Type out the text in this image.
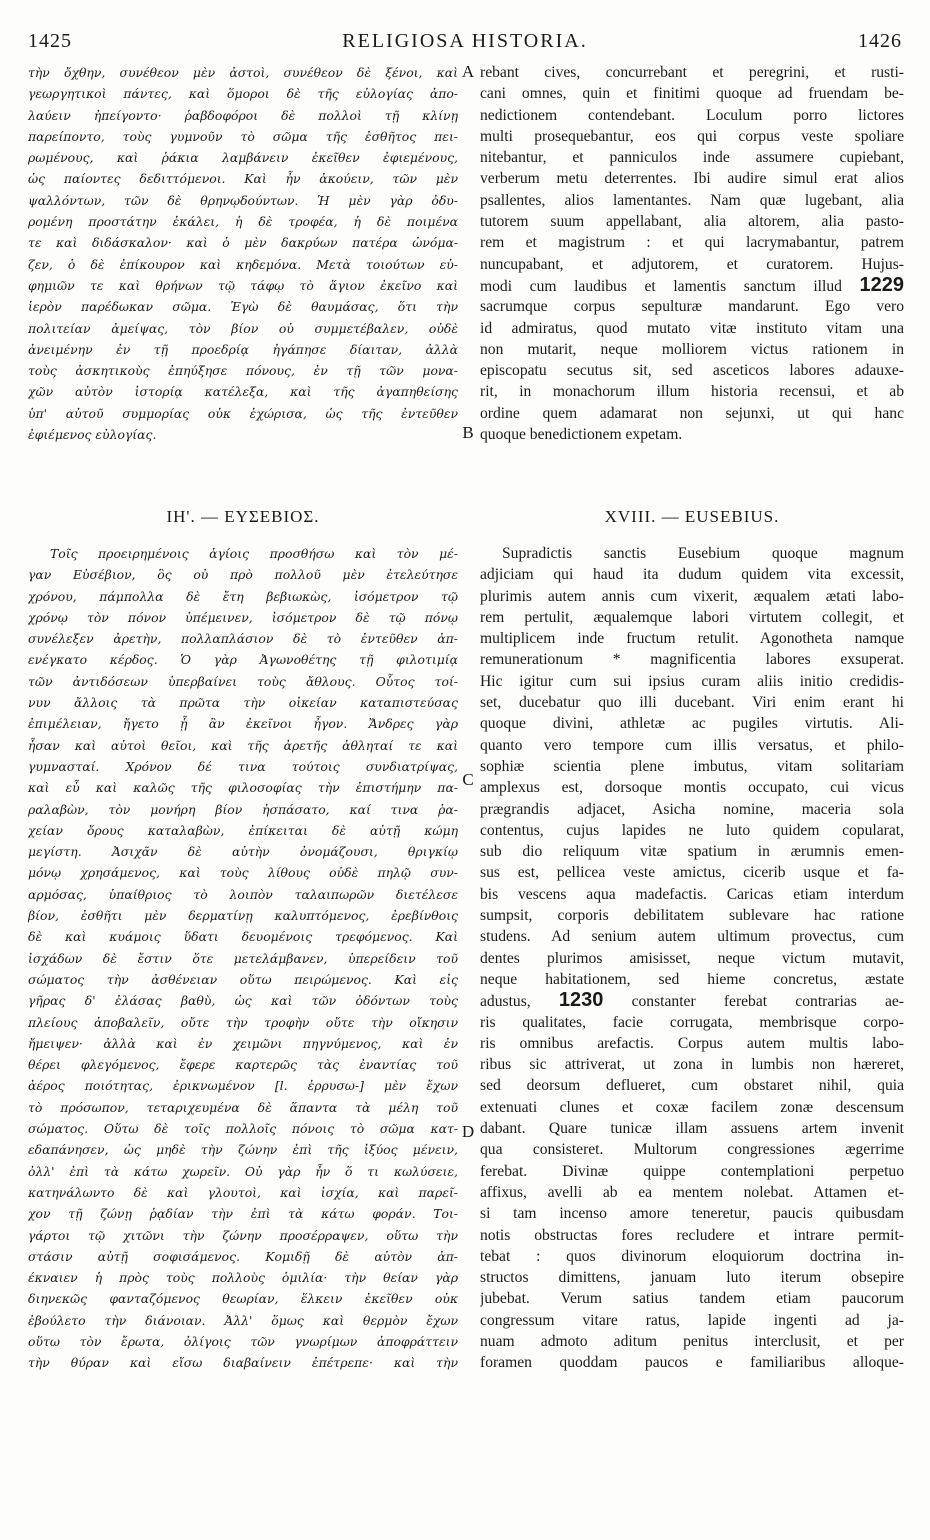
1425	RELIGIOSA HISTORIA.	1426
A
B
C
D
τὴν ὄχθην, συνέθεον μὲν ἀστοὶ, συνέθεον δὲ ξένοι, καὶ
γεωργητικοὶ πάντες, καὶ ὅμοροι δὲ τῆς εὐλογίας ἀπο-
λαύειν ἠπείγοντο· ῥαβδοφόροι δὲ πολλοὶ τῇ κλίνῃ
παρείποντο, τοὺς γυμνοῦν τὸ σῶμα τῆς ἐσθῆτος πει-
ρωμένους, καὶ ῥάκια λαμβάνειν ἐκεῖθεν ἐφιεμένους,
ὡς παίοντες δεδιττόμενοι. Καὶ ἦν ἀκούειν, τῶν μὲν
ψαλλόντων, τῶν δὲ θρηνῳδούντων. Ἡ μὲν γὰρ ὀδυ-
ρομένη προστάτην ἐκάλει, ἡ δὲ τροφέα, ἡ δὲ ποιμένα
τε καὶ διδάσκαλον· καὶ ὁ μὲν δακρύων πατέρα ὠνόμα-
ζεν, ὁ δὲ ἐπίκουρον καὶ κηδεμόνα. Μετὰ τοιούτων εὐ-
φημιῶν τε καὶ θρήνων τῷ τάφῳ τὸ ἅγιον ἐκεῖνο καὶ
ἱερὸν παρέδωκαν σῶμα. Ἐγὼ δὲ θαυμάσας, ὅτι τὴν
πολιτείαν ἀμείψας, τὸν βίον οὐ συμμετέβαλεν, οὐδὲ
ἀνειμένην ἐν τῇ προεδρίᾳ ἠγάπησε δίαιταν, ἀλλὰ
τοὺς ἀσκητικοὺς ἐπηύξησε πόνους, ἐν τῇ τῶν μονα-
χῶν αὐτὸν ἱστορίᾳ κατέλεξα, καὶ τῆς ἀγαπηθείσης
ὑπ' αὐτοῦ συμμορίας οὐκ ἐχώρισα, ὡς τῆς ἐντεῦθεν
ἐφιέμενος εὐλογίας.
rebant cives, concurrebant et peregrini, et rusti-
cani omnes, quin et finitimi quoque ad fruendam be-
nedictionem contendebant. Loculum porro lictores
multi prosequebantur, eos qui corpus veste spoliare
nitebantur, et panniculos inde assumere cupiebant,
verberum metu deterrentes. Ibi audire simul erat alios
psallentes, alios lamentantes. Nam quæ lugebant, alia
tutorem suum appellabant, alia altorem, alia pasto-
rem et magistrum : et qui lacrymabantur, patrem
nuncupabant, et adjutorem, et curatorem. Hujus-
modi cum laudibus et lamentis sanctum illud 1229
sacrumque corpus sepulturæ mandarunt. Ego vero
id admiratus, quod mutato vitæ instituto vitam una
non mutarit, neque molliorem victus rationem in
episcopatu secutus sit, sed asceticos labores adauxe-
rit, in monachorum illum historia recensui, et ab
ordine quem adamarat non sejunxi, ut qui hanc
quoque benedictionem expetam.
ΙΗ'. — ΕΥΣΕΒΙΟΣ.	XVIII. — EUSEBIUS.
Τοῖς προειρημένοις ἁγίοις προσθήσω καὶ τὸν μέ-
γαν Εὐσέβιον, ὃς οὐ πρὸ πολλοῦ μὲν ἐτελεύτησε
χρόνου, πάμπολλα δὲ ἔτη βεβιωκὼς, ἰσόμετρον τῷ
χρόνῳ τὸν πόνον ὑπέμεινεν, ἰσόμετρον δὲ τῷ πόνῳ
συνέλεξεν ἀρετὴν, πολλαπλάσιον δὲ τὸ ἐντεῦθεν ἀπ-
ενέγκατο κέρδος. Ὁ γὰρ Ἀγωνοθέτης τῇ φιλοτιμίᾳ
τῶν ἀντιδόσεων ὑπερβαίνει τοὺς ἄθλους. Οὗτος τοί-
νυν ἄλλοις τὰ πρῶτα τὴν οἰκείαν καταπιστεύσας
ἐπιμέλειαν, ἤγετο ᾗ ἂν ἐκεῖνοι ἦγον. Ἄνδρες γὰρ
ἦσαν καὶ αὐτοὶ θεῖοι, καὶ τῆς ἀρετῆς ἀθληταί τε καὶ
γυμνασταί. Χρόνον δέ τινα τούτοις συνδιατρίψας,
καὶ εὖ καὶ καλῶς τῆς φιλοσοφίας τὴν ἐπιστήμην πα-
ραλαβὼν, τὸν μονήρη βίον ἠσπάσατο, καί τινα ῥα-
χείαν ὄρους καταλαβὼν, ἐπίκειται δὲ αὐτῇ κώμη
μεγίστη. Ἀσιχᾶν δὲ αὐτὴν ὀνομάζουσι, θριγκίῳ
μόνῳ χρησάμενος, καὶ τοὺς λίθους οὐδὲ πηλῷ συν-
αρμόσας, ὑπαίθριος τὸ λοιπὸν ταλαιπωρῶν διετέλεσε
βίον, ἐσθῆτι μὲν δερματίνῃ καλυπτόμενος, ἐρεβίνθοις
δὲ καὶ κυάμοις ὕδατι δευομένοις τρεφόμενος. Καὶ
ἰσχάδων δὲ ἔστιν ὅτε μετελάμβανεν, ὑπερείδειν τοῦ
σώματος τὴν ἀσθένειαν οὕτω πειρώμενος. Καὶ εἰς
γῆρας δ' ἐλάσας βαθὺ, ὡς καὶ τῶν ὀδόντων τοὺς
πλείους ἀποβαλεῖν, οὔτε τὴν τροφὴν οὔτε τὴν οἴκησιν
ἤμειψεν· ἀλλὰ καὶ ἐν χειμῶνι πηγνύμενος, καὶ ἐν
θέρει φλεγόμενος, ἔφερε καρτερῶς τὰς ἐναντίας τοῦ
ἀέρος ποιότητας, ἐρικνωμένον [l. ἐρρυσω-] μὲν ἔχων
τὸ πρόσωπον, τεταριχευμένα δὲ ἅπαντα τὰ μέλη τοῦ
σώματος. Οὕτω δὲ τοῖς πολλοῖς πόνοις τὸ σῶμα κατ-
εδαπάνησεν, ὡς μηδὲ τὴν ζώνην ἐπὶ τῆς ἰξύος μένειν,
ὀλλ' ἐπὶ τὰ κάτω χωρεῖν. Οὐ γὰρ ἦν ὅ τι κωλύσειε,
κατηνάλωντο δὲ καὶ γλουτοὶ, καὶ ἰσχία, καὶ παρεῖ-
χον τῇ ζώνῃ ῥᾳδίαν τὴν ἐπὶ τὰ κάτω φοράν. Τοι-
γάρτοι τῷ χιτῶνι τὴν ζώνην προσέρραψεν, οὕτω τὴν
στάσιν αὐτῇ σοφισάμενος. Κομιδῇ δὲ αὐτὸν ἀπ-
έκναιεν ἡ πρὸς τοὺς πολλοὺς ὁμιλία· τὴν θείαν γὰρ
διηνεκῶς φανταζόμενος θεωρίαν, ἕλκειν ἐκεῖθεν οὐκ
ἐβούλετο τὴν διάνοιαν. Ἀλλ' ὅμως καὶ θερμὸν ἔχων
οὕτω τὸν ἔρωτα, ὀλίγοις τῶν γνωρίμων ἀποφράττειν
τὴν θύραν καὶ εἴσω διαβαίνειν ἐπέτρεπε· καὶ τὴν
Supradictis sanctis Eusebium quoque magnum
adjiciam qui haud ita dudum quidem vita excessit,
plurimis autem annis cum vixerit, æqualem ætati labo-
rem pertulit, æqualemque labori virtutem collegit, et
multiplicem inde fructum retulit. Agonotheta namque
remunerationum * magnificentia labores exsuperat.
Hic igitur cum sui ipsius curam aliis initio credidis-
set, ducebatur quo illi ducebant. Viri enim erant hi
quoque divini, athletæ ac pugiles virtutis. Ali-
quanto vero tempore cum illis versatus, et philo-
sophiæ scientia plene imbutus, vitam solitariam
amplexus est, dorsoque montis occupato, cui vicus
prægrandis adjacet, Asicha nomine, maceria sola
contentus, cujus lapides ne luto quidem copularat,
sub dio reliquum vitæ spatium in ærumnis emen-
sus est, pellicea veste amictus, cicerib usque et fa-
bis vescens aqua madefactis. Caricas etiam interdum
sumpsit, corporis debilitatem sublevare hac ratione
studens. Ad senium autem ultimum provectus, cum
dentes plurimos amisisset, neque victum mutavit,
neque habitationem, sed hieme concretus, æstate
adustus, 1230 constanter ferebat contrarias ae-
ris qualitates, facie corrugata, membrisque corpo-
ris omnibus arefactis. Corpus autem multis labo-
ribus sic attriverat, ut zona in lumbis non hæreret,
sed deorsum deflueret, cum obstaret nihil, quia
extenuati clunes et coxæ facilem zonæ descensum
dabant. Quare tunicæ illam assuens artem invenit
qua consisteret. Multorum congressiones ægerrime
ferebat. Divinæ quippe contemplationi perpetuo
affixus, avelli ab ea mentem nolebat. Attamen et-
si tam incenso amore teneretur, paucis quibusdam
notis obstructas fores recludere et intrare permit-
tebat : quos divinorum eloquiorum doctrina in-
structos dimittens, januam luto iterum obsepire
jubebat. Verum satius tandem etiam paucorum
congressum vitare ratus, lapide ingenti ad ja-
nuam admoto aditum penitus interclusit, et per
foramen quoddam paucos e familiaribus alloque-
